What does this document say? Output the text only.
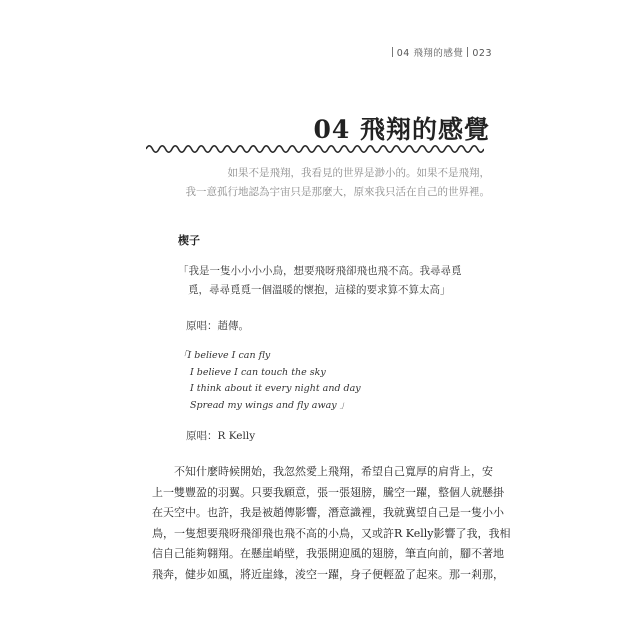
04 飛翔的感覺 023
04 飛翔的感覺
如果不是飛翔，我看見的世界是渺小的。如果不是飛翔，
我一意孤行地認為宇宙只是那麼大，原來我只活在自己的世界裡。
楔子
「我是一隻小小小小鳥，想要飛呀飛卻飛也飛不高。我尋尋覓
覓，尋尋覓覓一個溫暖的懷抱，這樣的要求算不算太高」
原唱：趙傳。
「I believe I can fly
I believe I can touch the sky
I think about it every night and day
Spread my wings and fly away 」
原唱：R Kelly
不知什麼時候開始，我忽然愛上飛翔，希望自己寬厚的肩背上，安
上一雙豐盈的羽翼。只要我願意，張一張翅膀，騰空一躍，整個人就懸掛
在天空中。也許，我是被趙傳影響，潛意識裡，我就冀望自己是一隻小小
鳥，一隻想要飛呀飛卻飛也飛不高的小鳥，又或許R Kelly影響了我，我相
信自己能夠翱翔。在懸崖峭壁，我張開迎風的翅膀，筆直向前，腳不著地
飛奔，健步如風，將近崖緣，淩空一躍，身子便輕盈了起來。那一剎那，
